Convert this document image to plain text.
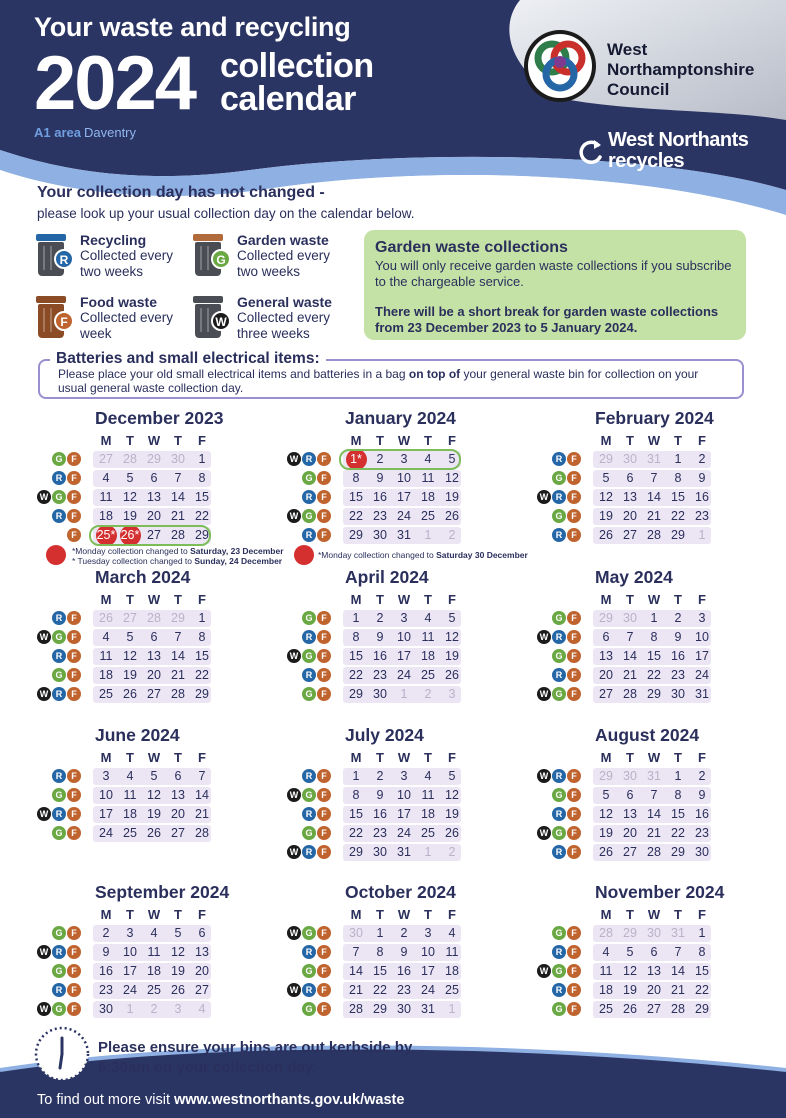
Your waste and recycling
2024 collection
calendar
A1 area Daventry
West
Northamptonshire
Council
West Northants
recycles
Your collection day has not changed -
please look up your usual collection day on the calendar below.
R
Recycling
Collected every
two weeks
G
Garden waste
Collected every
two weeks
F
Food waste
Collected every
week
W
General waste
Collected every
three weeks
Garden waste collections
You will only receive garden waste collections if you subscribe to the chargeable service.
There will be a short break for garden waste collections from 23 December 2023 to 5 January 2024.
Batteries and small electrical items:
Please place your old small electrical items and batteries in a bag on top of your general waste bin for collection on your usual general waste collection day.
December 2023
M	T	W	T	F
G F	27 28 29 30	1
R	F	4	5	6	7	8
W G F	11 12 13 14 15
R	F	18 19 20 21 22
F	25* 26* 27 28 29
January 2024
M	T	W	T	F
W R	F	1*	2	3	4	5
G F	8	9	10 11 12
R	F	15 16 17 18 19
W G F	22 23 24 25 26
R	F	29 30 31	1	2
February 2024
M	T	W	T	F
R	F	29 30 31	1	2
G F	5	6	7	8	9
W R	F	12 13 14 15 16
G F	19 20 21 22 23
R	F	26 27 28 29	1
March 2024
M	T	W	T	F
R	F	26 27 28 29	1
W G F	4	5	6	7	8
R	F	11 12 13 14 15
G F	18 19 20 21 22
W R	F	25 26 27 28 29
April 2024
M	T	W	T	F
G F	1	2	3	4	5
R	F	8	9	10 11 12
W G F	15 16 17 18 19
R	F	22 23 24 25 26
G F	29 30	1	2	3
May 2024
M	T	W	T	F
G F	29 30	1	2	3
W R	F	6	7	8	9	10
G F	13 14 15 16 17
R	F	20 21 22 23 24
W G F	27 28 29 30 31
June 2024
M	T	W	T	F
R	F	3	4	5	6	7
G F	10 11 12 13 14
W R	F	17 18 19 20 21
G F	24 25 26 27 28
July 2024
M	T	W	T	F
R	F	1	2	3	4	5
W G F	8	9	10 11 12
R	F	15 16 17 18 19
G F	22 23 24 25 26
W R	F	29 30 31	1	2
August 2024
M	T	W	T	F
W R	F	29 30 31	1	2
G F	5	6	7	8	9
R	F	12 13 14 15 16
W G F	19 20 21 22 23
R	F	26 27 28 29 30
September 2024
M	T	W	T	F
G F	2	3	4	5	6
W R	F	9	10 11 12 13
G F	16 17 18 19 20
R	F	23 24 25 26 27
W G F	30	1	2	3	4
October 2024
M	T	W	T	F
W G F	30	1	2	3	4
R	F	7	8	9	10 11
G F	14 15 16 17 18
W R	F	21 22 23 24 25
G F	28 29 30 31	1
November 2024
M	T	W	T	F
G F	28 29 30 31	1
R	F	4	5	6	7	8
W G F	11 12 13 14 15
R	F	18 19 20 21 22
G F	25 26 27 28 29
*Monday collection changed to Saturday, 23 December
* Tuesday collection changed to Sunday, 24 December
*Monday collection changed to Saturday 30 December
Please ensure your bins are out kerbside by 6:30am on your collection day.
To find out more visit www.westnorthants.gov.uk/waste
